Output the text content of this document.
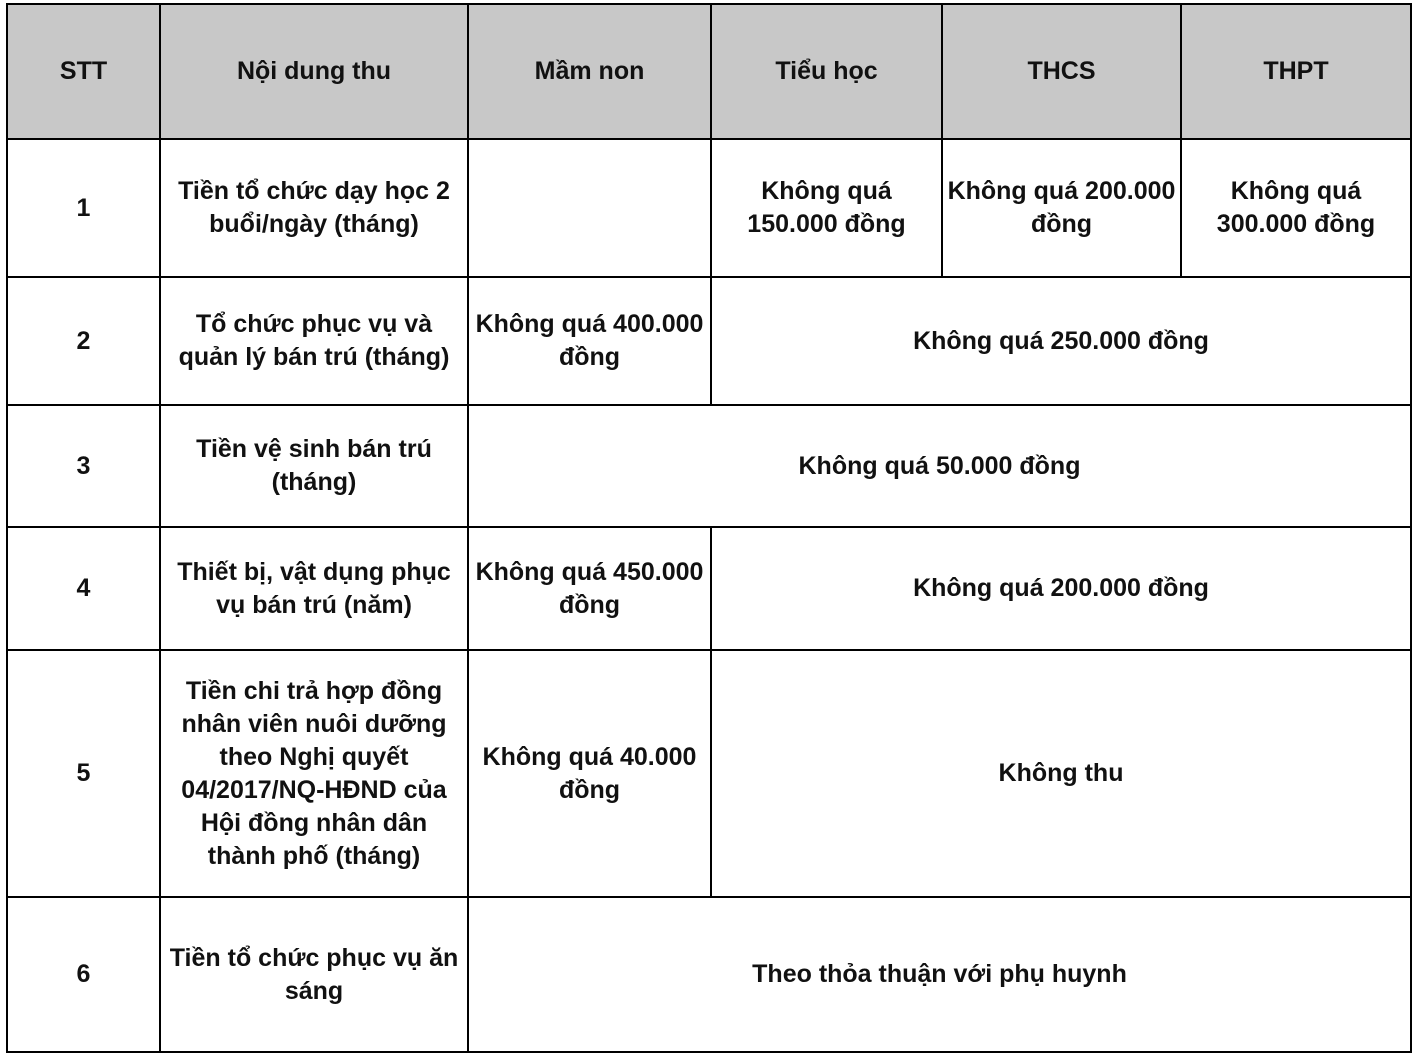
STT	Nội dung thu	Mầm non	Tiểu học	THCS	THPT
1	Tiền tổ chức dạy học 2 buổi/ngày (tháng)		Không quá 150.000 đồng	Không quá 200.000 đồng	Không quá 300.000 đồng
2	Tổ chức phục vụ và quản lý bán trú (tháng)	Không quá 400.000 đồng	Không quá 250.000 đồng		
3	Tiền vệ sinh bán trú (tháng)	Không quá 50.000 đồng			
4	Thiết bị, vật dụng phục vụ bán trú (năm)	Không quá 450.000 đồng	Không quá 200.000 đồng		
5	Tiền chi trả hợp đồng nhân viên nuôi dưỡng theo Nghị quyết 04/2017/NQ-HĐND của Hội đồng nhân dân thành phố (tháng)	Không quá 40.000 đồng	Không thu		
6	Tiền tổ chức phục vụ ăn sáng	Theo thỏa thuận với phụ huynh			
